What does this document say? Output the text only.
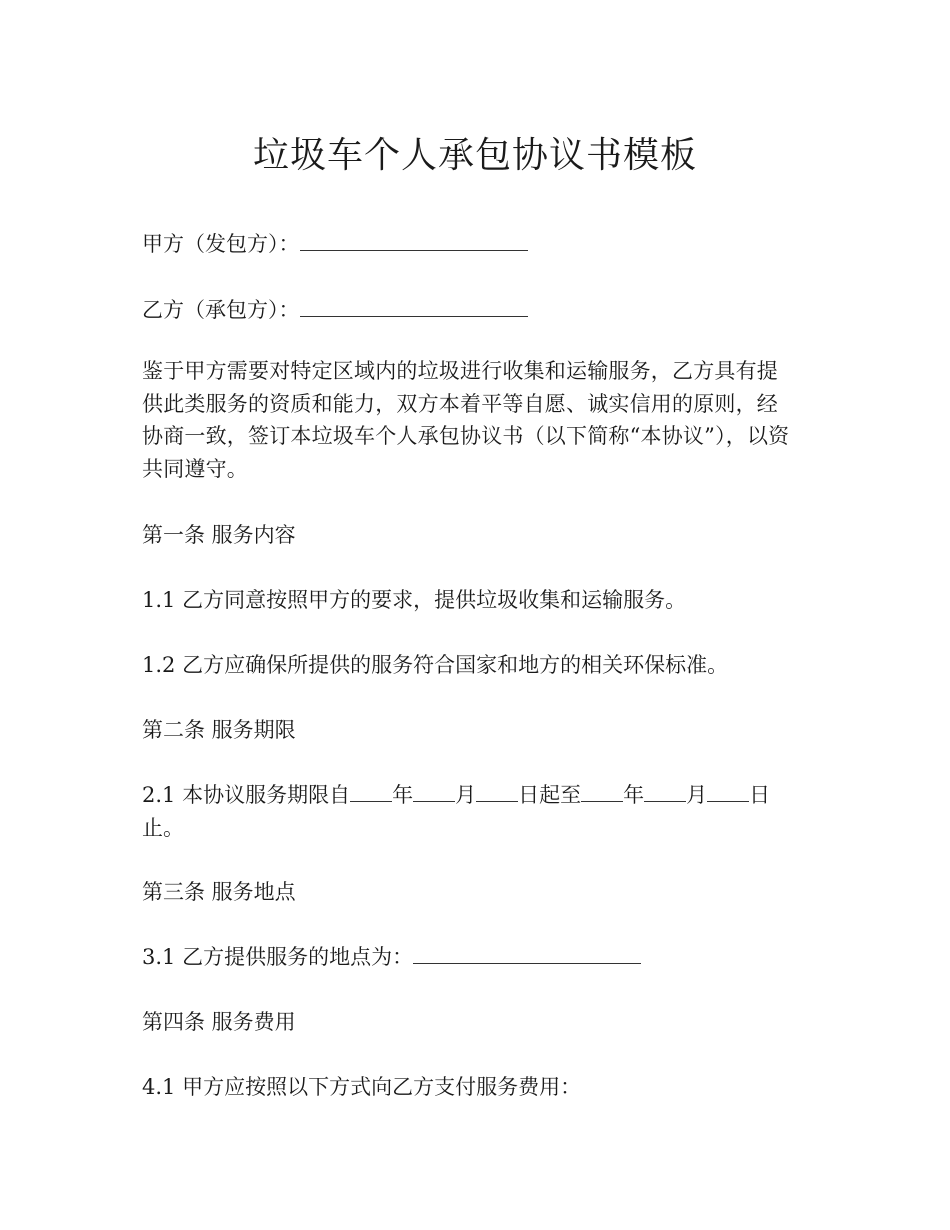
垃圾车个人承包协议书模板
甲方（发包方）：
乙方（承包方）：
鉴于甲方需要对特定区域内的垃圾进行收集和运输服务，乙方具有提供此类服务的资质和能力，双方本着平等自愿、诚实信用的原则，经协商一致，签订本垃圾车个人承包协议书（以下简称“本协议”），以资共同遵守。
第一条 服务内容
1.1 乙方同意按照甲方的要求，提供垃圾收集和运输服务。
1.2 乙方应确保所提供的服务符合国家和地方的相关环保标准。
第二条 服务期限
2.1 本协议服务期限自 年 月 日起至 年 月 日
止。
第三条 服务地点
3.1 乙方提供服务的地点为：
第四条 服务费用
4.1 甲方应按照以下方式向乙方支付服务费用：
